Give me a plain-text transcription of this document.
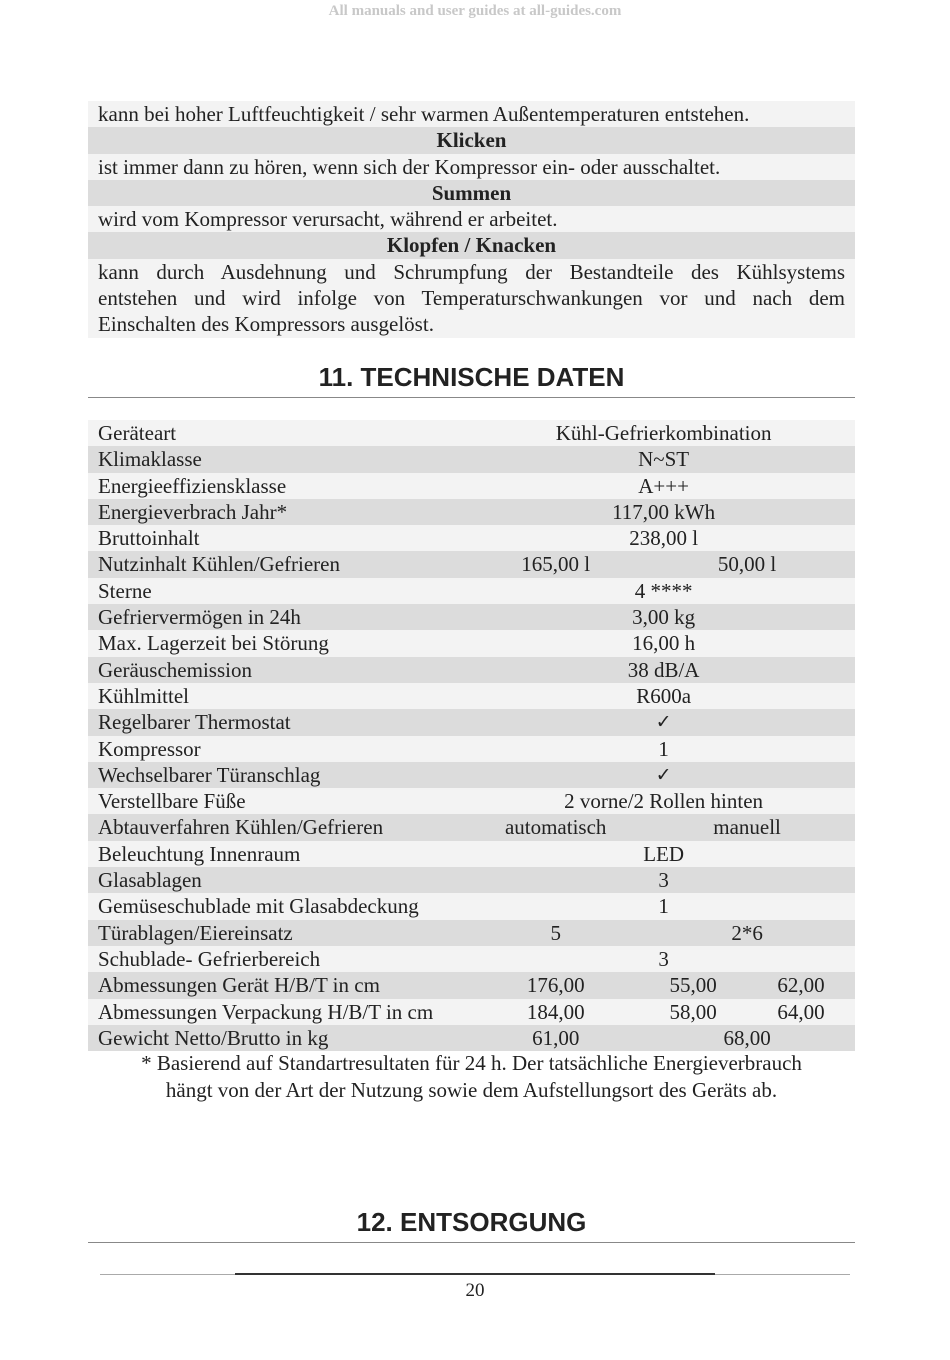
All manuals and user guides at all-guides.com
kann bei hoher Luftfeuchtigkeit / sehr warmen Außentemperaturen entstehen.
Klicken
ist immer dann zu hören, wenn sich der Kompressor ein- oder ausschaltet.
Summen
wird vom Kompressor verursacht, während er arbeitet.
Klopfen / Knacken
kann durch Ausdehnung und Schrumpfung der Bestandteile des Kühlsystems
entstehen und wird infolge von Temperaturschwankungen vor und nach dem
Einschalten des Kompressors ausgelöst.
11. TECHNISCHE DATEN
Geräteart	Kühl-Gefrierkombination		
Klimaklasse	N~ST		
Energieeffiziensklasse	A+++		
Energieverbrach Jahr*	117,00 kWh		
Bruttoinhalt	238,00 l		
Nutzinhalt Kühlen/Gefrieren	165,00 l	50,00 l	
Sterne	4 ****		
Gefriervermögen in 24h	3,00 kg		
Max. Lagerzeit bei Störung	16,00 h		
Geräuschemission	38 dB/A		
Kühlmittel	R600a		
Regelbarer Thermostat	✓		
Kompressor	1		
Wechselbarer Türanschlag	✓		
Verstellbare Füße	2 vorne/2 Rollen hinten		
Abtauverfahren Kühlen/Gefrieren	automatisch	manuell	
Beleuchtung Innenraum	LED		
Glasablagen	3		
Gemüseschublade mit Glasabdeckung	1		
Türablagen/Eiereinsatz	5	2*6	
Schublade- Gefrierbereich	3		
Abmessungen Gerät H/B/T in cm	176,00	55,00	62,00
Abmessungen Verpackung H/B/T in cm	184,00	58,00	64,00
Gewicht Netto/Brutto in kg	61,00	68,00	
* Basierend auf Standartresultaten für 24 h. Der tatsächliche Energieverbrauch
hängt von der Art der Nutzung sowie dem Aufstellungsort des Geräts ab.
12. ENTSORGUNG
20
